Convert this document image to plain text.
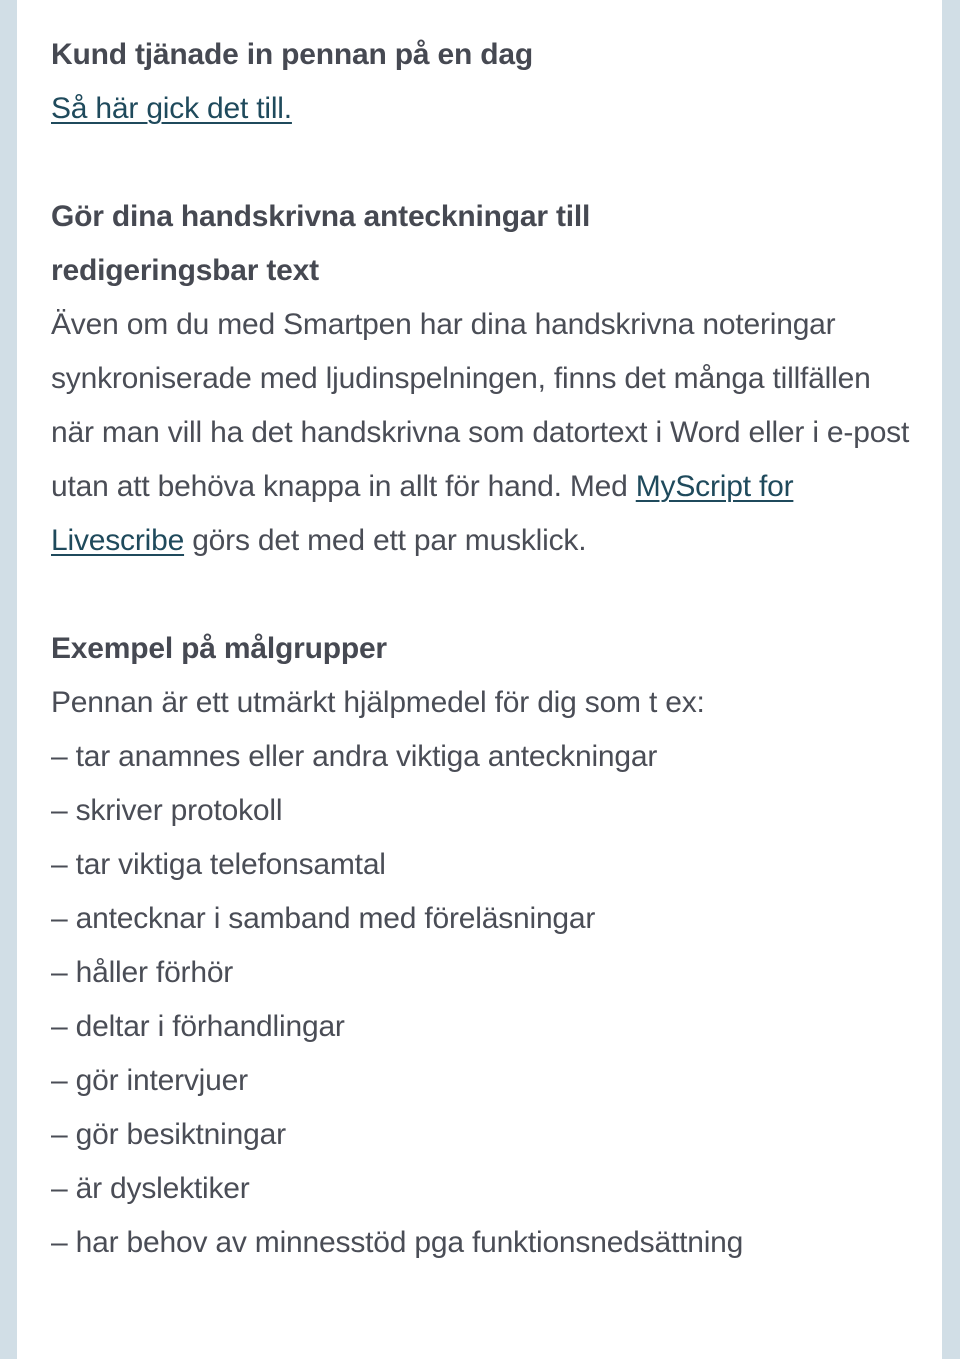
Kund tjänade in pennan på en dag

Så här gick det till.

Gör dina handskrivna anteckningar till
redigeringsbar text

Även om du med Smartpen har dina handskrivna noteringar synkroniserade med ljudinspelningen, finns det många tillfällen när man vill ha det handskrivna som datortext i Word eller i e-post utan att behöva knappa in allt för hand. Med MyScript for Livescribe görs det med ett par musklick.

Exempel på målgrupper

Pennan är ett utmärkt hjälpmedel för dig som t ex:

– tar anamnes eller andra viktiga anteckningar

– skriver protokoll

– tar viktiga telefonsamtal

– antecknar i samband med föreläsningar

– håller förhör

– deltar i förhandlingar

– gör intervjuer

– gör besiktningar

– är dyslektiker

– har behov av minnesstöd pga funktionsnedsättning
